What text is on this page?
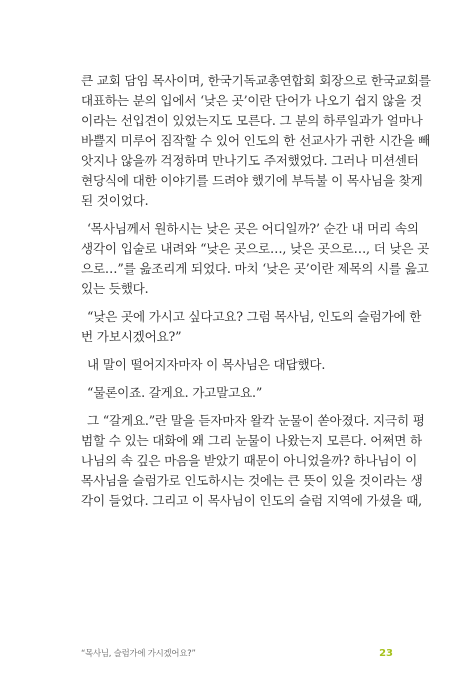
큰 교회 담임 목사이며, 한국기독교총연합회 회장으로 한국교회를
대표하는 분의 입에서 ‘낮은 곳’이란 단어가 나오기 쉽지 않을 것
이라는 선입견이 있었는지도 모른다. 그 분의 하루일과가 얼마나
바쁠지 미루어 짐작할 수 있어 인도의 한 선교사가 귀한 시간을 빼
앗지나 않을까 걱정하며 만나기도 주저했었다. 그러나 미션센터
현당식에 대한 이야기를 드려야 했기에 부득불 이 목사님을 찾게
된 것이었다.
‘목사님께서 원하시는 낮은 곳은 어디일까?’ 순간 내 머리 속의
생각이 입술로 내려와 “낮은 곳으로…, 낮은 곳으로…, 더 낮은 곳
으로…”를 읊조리게 되었다. 마치 ‘낮은 곳’이란 제목의 시를 읊고
있는 듯했다.
“낮은 곳에 가시고 싶다고요? 그럼 목사님, 인도의 슬럼가에 한
번 가보시겠어요?”
내 말이 떨어지자마자 이 목사님은 대답했다.
“물론이죠. 갈게요. 가고말고요.”
그 “갈게요.”란 말을 듣자마자 왈칵 눈물이 쏟아졌다. 지극히 평
범할 수 있는 대화에 왜 그리 눈물이 나왔는지 모른다. 어쩌면 하
나님의 속 깊은 마음을 받았기 때문이 아니었을까? 하나님이 이
목사님을 슬럼가로 인도하시는 것에는 큰 뜻이 있을 것이라는 생
각이 들었다. 그리고 이 목사님이 인도의 슬럼 지역에 가셨을 때,
“목사님, 슬럼가에 가시겠어요?”	23
